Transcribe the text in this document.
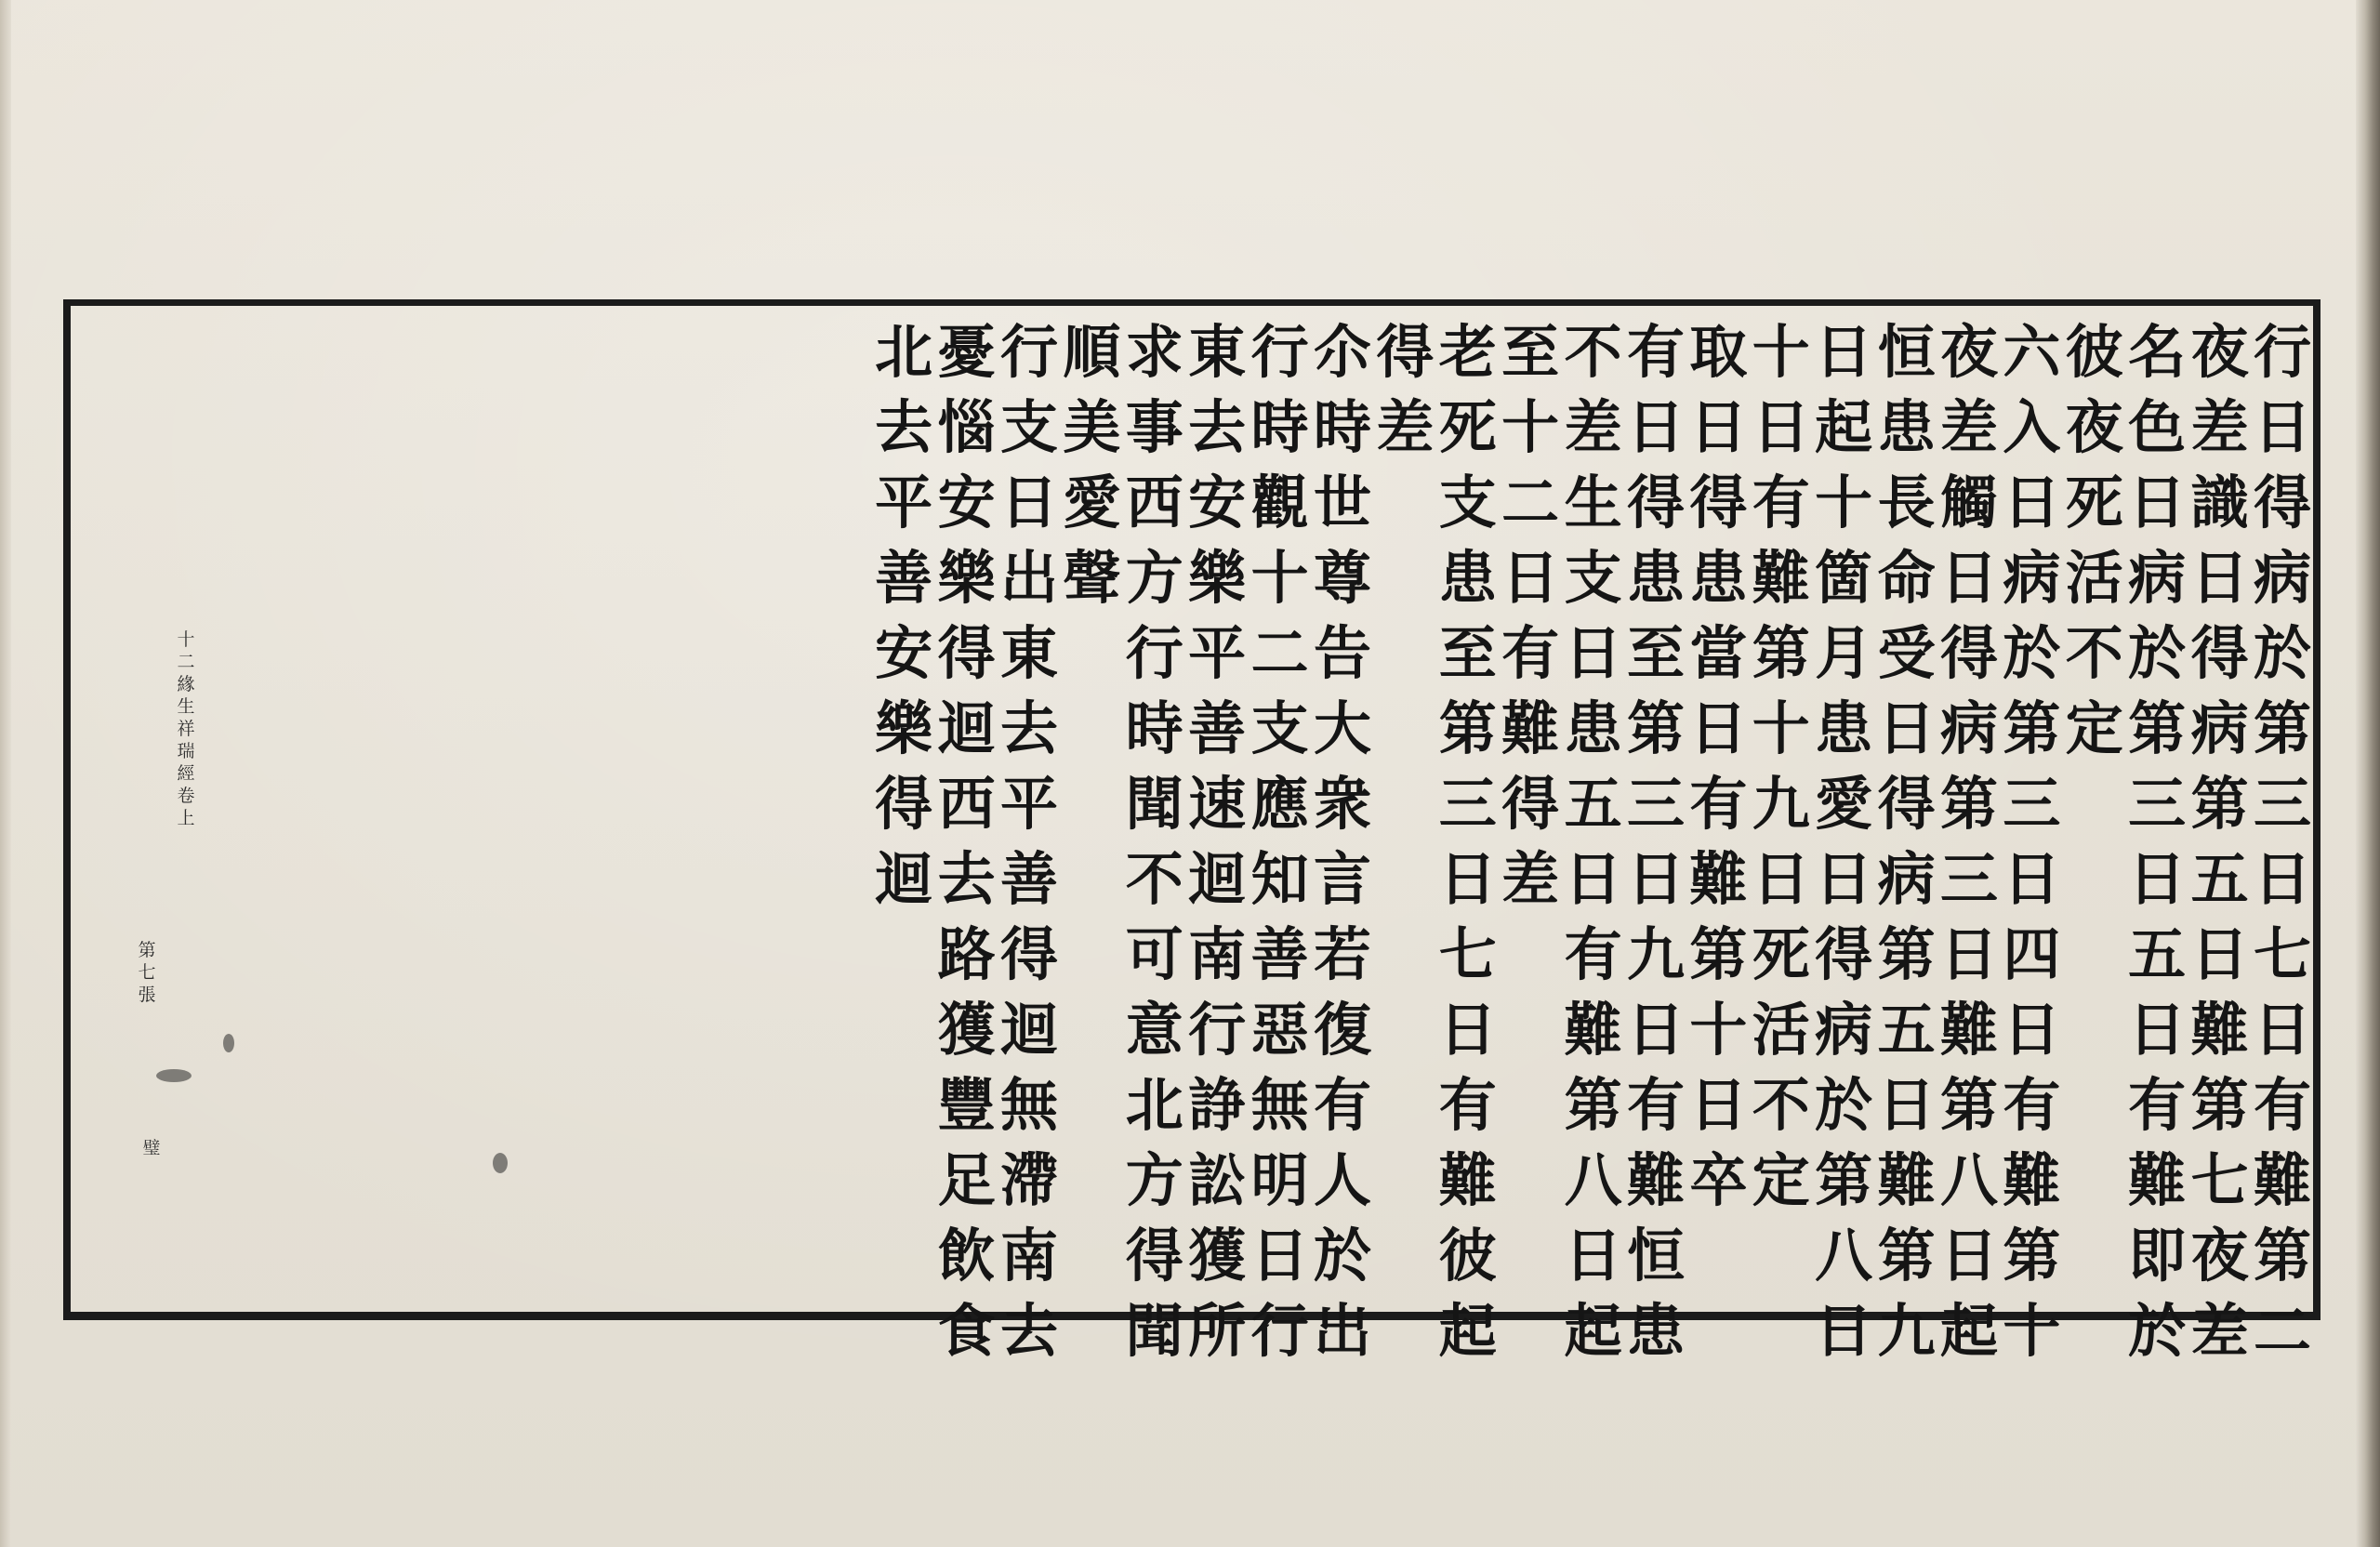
行
日
得
病
於
第
三
日
七
日
有
難
第
二
夜
差
識
日
得
病
第
五
日
難
第
七
夜
差
名
色
日
病
於
第
三
日
五
日
有
難
即
於
彼
夜
死
活
不
定
六
入
日
病
於
第
三
日
四
日
有
難
第
十
夜
差
觸
日
得
病
第
三
日
難
第
八
日
起
恒
患
長
命
受
日
得
病
第
五
日
難
第
九
日
起
十
箇
月
患
愛
日
得
病
於
第
八
日
十
日
有
難
第
十
九
日
死
活
不
定
取
日
得
患
當
日
有
難
第
十
日
卒
有
日
得
患
至
第
三
日
九
日
有
難
恒
患
不
差
生
支
日
患
五
日
有
難
第
八
日
起
至
十
二
日
有
難
得
差
老
死
支
患
至
第
三
日
七
日
有
難
彼
起
得
差
尒
時
世
尊
告
大
衆
言
若
復
有
人
於
出
行
時
觀
十
二
支
應
知
善
惡
無
明
日
行
東
去
安
樂
平
善
速
迴
南
行
諍
訟
獲
所
求
事
西
方
行
時
聞
不
可
意
北
方
得
聞
順
美
愛
聲
行
支
日
出
東
去
平
善
得
迴
無
滯
南
去
憂
惱
安
樂
得
迴
西
去
路
獲
豐
足
飲
食
北
去
平
善
安
樂
得
迴
十
二
緣
生
祥
瑞
經
卷
上
第
七
張
璧
